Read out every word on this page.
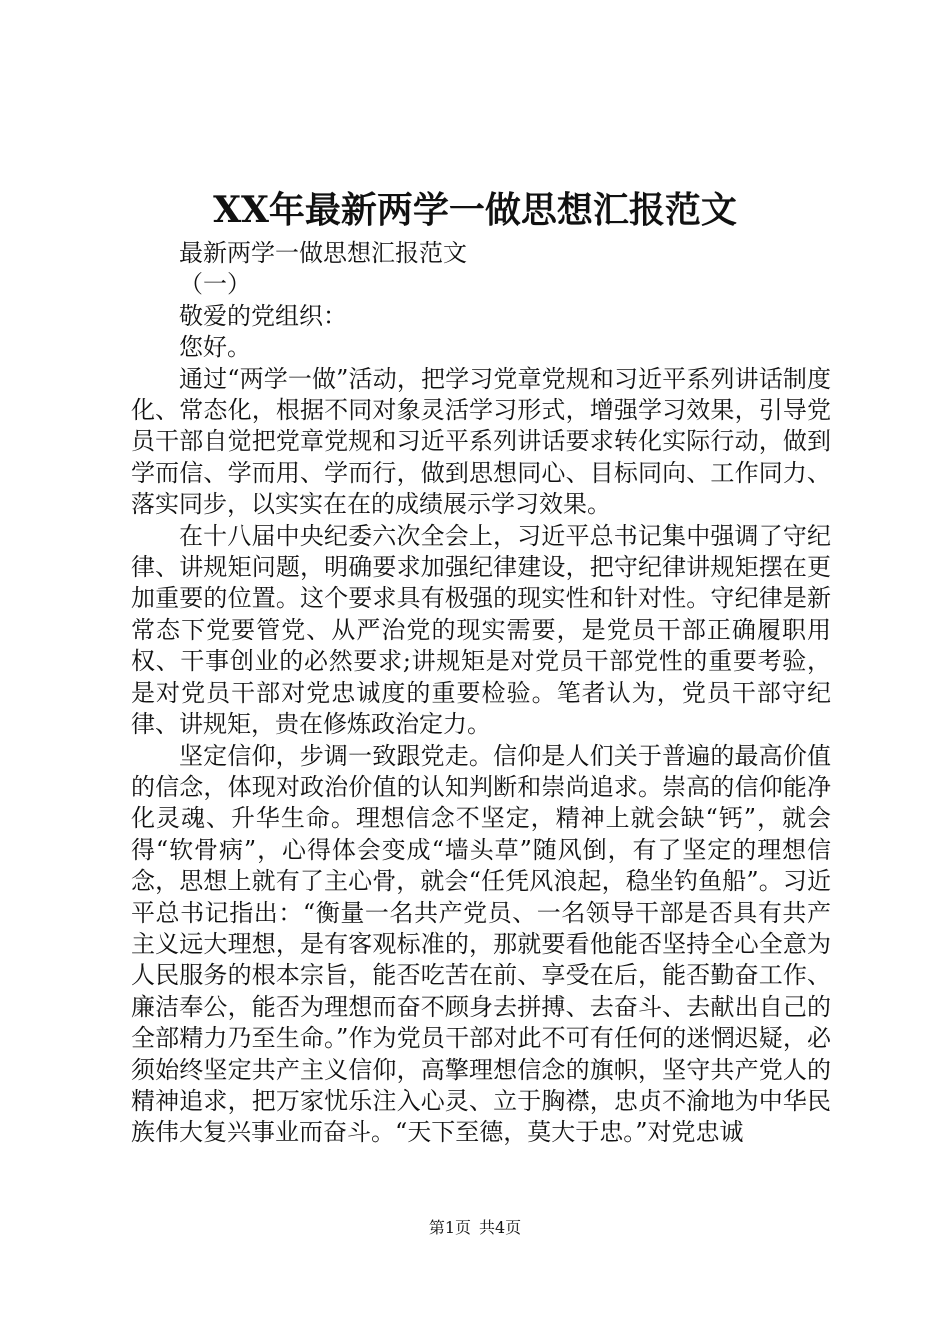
XX年最新两学一做思想汇报范文

最新两学一做思想汇报范文

（一）

敬爱的党组织：

您好。

通过“两学一做”活动，把学习党章党规和习近平系列讲话制度化、常态化，根据不同对象灵活学习形式，增强学习效果，引导党员干部自觉把党章党规和习近平系列讲话要求转化实际行动，做到学而信、学而用、学而行，做到思想同心、目标同向、工作同力、落实同步，以实实在在的成绩展示学习效果。

在十八届中央纪委六次全会上，习近平总书记集中强调了守纪律、讲规矩问题，明确要求加强纪律建设，把守纪律讲规矩摆在更加重要的位置。这个要求具有极强的现实性和针对性。守纪律是新常态下党要管党、从严治党的现实需要，是党员干部正确履职用权、干事创业的必然要求;讲规矩是对党员干部党性的重要考验，是对党员干部对党忠诚度的重要检验。笔者认为，党员干部守纪律、讲规矩，贵在修炼政治定力。

坚定信仰，步调一致跟党走。信仰是人们关于普遍的最高价值的信念，体现对政治价值的认知判断和崇尚追求。崇高的信仰能净化灵魂、升华生命。理想信念不坚定，精神上就会缺“钙”，就会得“软骨病”，心得体会变成“墙头草”随风倒，有了坚定的理想信念，思想上就有了主心骨，就会“任凭风浪起，稳坐钓鱼船”。习近平总书记指出：“衡量一名共产党员、一名领导干部是否具有共产主义远大理想，是有客观标准的，那就要看他能否坚持全心全意为人民服务的根本宗旨，能否吃苦在前、享受在后，能否勤奋工作、廉洁奉公，能否为理想而奋不顾身去拼搏、去奋斗、去献出自己的全部精力乃至生命。”作为党员干部对此不可有任何的迷惘迟疑，必须始终坚定共产主义信仰，高擎理想信念的旗帜，坚守共产党人的精神追求，把万家忧乐注入心灵、立于胸襟，忠贞不渝地为中华民族伟大复兴事业而奋斗。“天下至德，莫大于忠。”对党忠诚

第1页 共4页
